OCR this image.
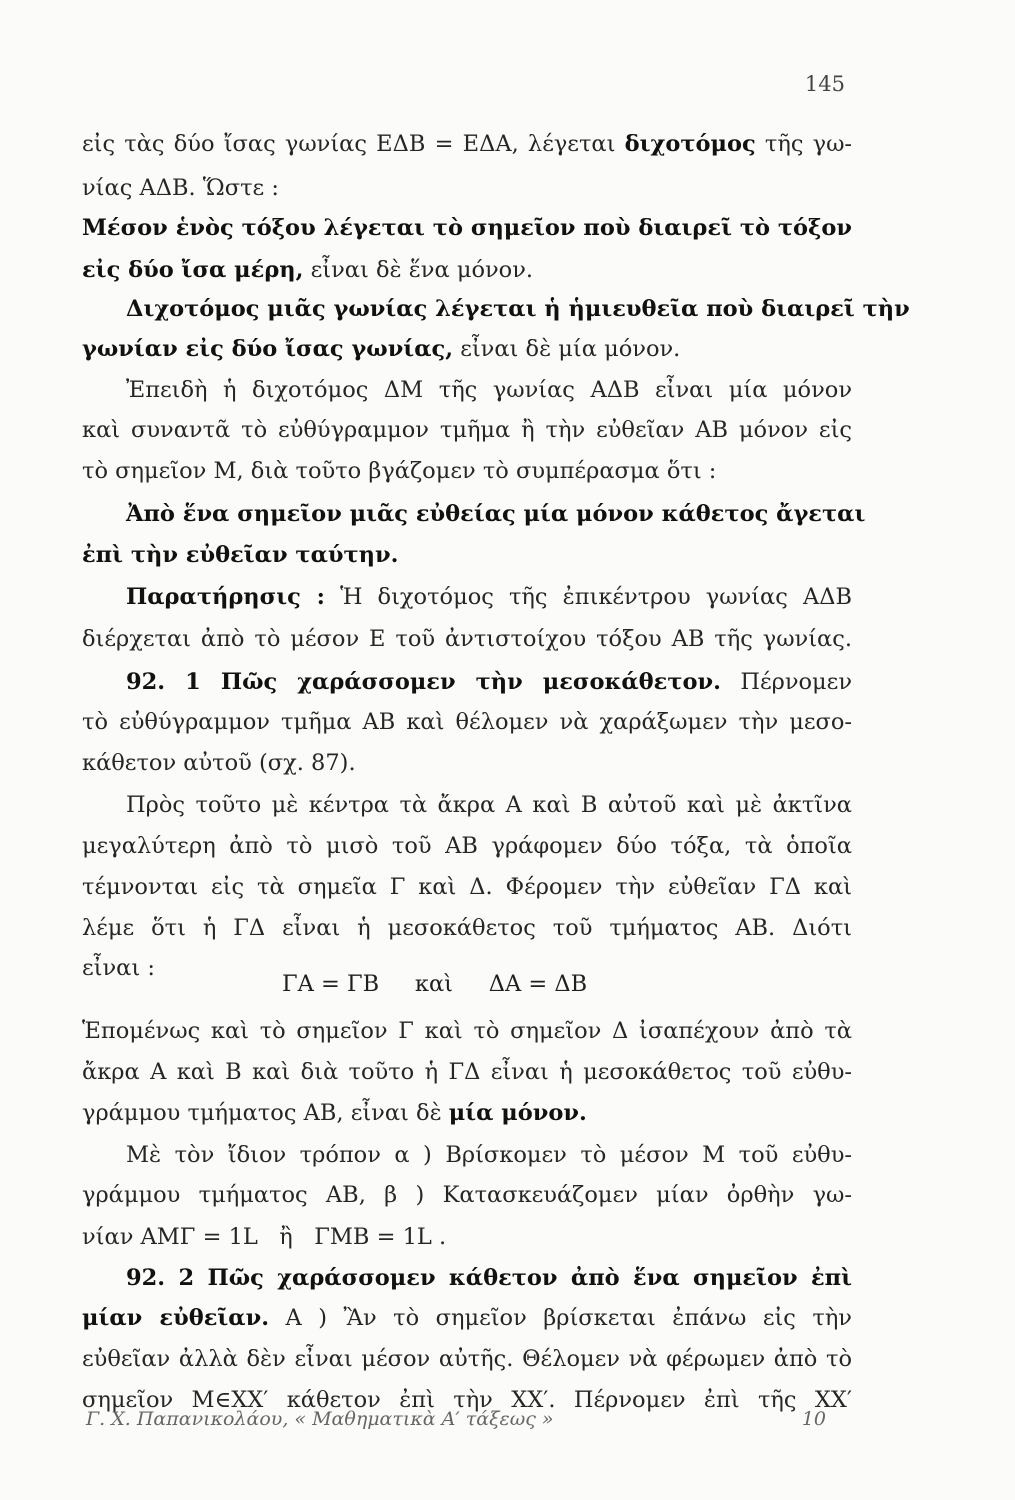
145
εἰς τὰς δύο ἴσας γωνίας ΕΔΒ = ΕΔΑ, λέγεται διχοτόμος τῆς γω-
νίας ΑΔΒ. Ὥστε :
Μέσον ἑνὸς τόξου λέγεται τὸ σημεῖον ποὺ διαιρεῖ τὸ τόξον
εἰς δύο ἴσα μέρη, εἶναι δὲ ἕνα μόνον.
Διχοτόμος μιᾶς γωνίας λέγεται ἡ ἡμιευθεῖα ποὺ διαιρεῖ τὴν
γωνίαν εἰς δύο ἴσας γωνίας, εἶναι δὲ μία μόνον.
Ἐπειδὴ ἡ διχοτόμος ΔΜ τῆς γωνίας ΑΔΒ εἶναι μία μόνον
καὶ συναντᾶ τὸ εὐθύγραμμον τμῆμα ἢ τὴν εὐθεῖαν ΑΒ μόνον εἰς
τὸ σημεῖον Μ, διὰ τοῦτο βγάζομεν τὸ συμπέρασμα ὅτι :
Ἀπὸ ἕνα σημεῖον μιᾶς εὐθείας μία μόνον κάθετος ἄγεται
ἐπὶ τὴν εὐθεῖαν ταύτην.
Παρατήρησις : Ἡ διχοτόμος τῆς ἐπικέντρου γωνίας ΑΔΒ
διέρχεται ἀπὸ τὸ μέσον Ε τοῦ ἀντιστοίχου τόξου ΑΒ τῆς γωνίας.
92. 1 Πῶς χαράσσομεν τὴν μεσοκάθετον. Πέρνομεν
τὸ εὐθύγραμμον τμῆμα ΑΒ καὶ θέλομεν νὰ χαράξωμεν τὴν μεσο-
κάθετον αὐτοῦ (σχ. 87).
Πρὸς τοῦτο μὲ κέντρα τὰ ἄκρα Α καὶ Β αὐτοῦ καὶ μὲ ἀκτῖνα
μεγαλύτερη ἀπὸ τὸ μισὸ τοῦ ΑΒ γράφομεν δύο τόξα, τὰ ὁποῖα
τέμνονται εἰς τὰ σημεῖα Γ καὶ Δ. Φέρομεν τὴν εὐθεῖαν ΓΔ καὶ
λέμε ὅτι ἡ ΓΔ εἶναι ἡ μεσοκάθετος τοῦ τμήματος ΑΒ. Διότι
εἶναι :
ΓΑ = ΓΒ     καὶ     ΔΑ = ΔΒ
Ἑπομένως καὶ τὸ σημεῖον Γ καὶ τὸ σημεῖον Δ ἰσαπέχουν ἀπὸ τὰ
ἄκρα Α καὶ Β καὶ διὰ τοῦτο ἡ ΓΔ εἶναι ἡ μεσοκάθετος τοῦ εὐθυ-
γράμμου τμήματος ΑΒ, εἶναι δὲ μία μόνον.
Μὲ τὸν ἴδιον τρόπον α ) Βρίσκομεν τὸ μέσον Μ τοῦ εὐθυ-
γράμμου τμήματος ΑΒ, β ) Κατασκευάζομεν μίαν ὀρθὴν γω-
νίαν ΑΜΓ = 1L   ἢ   ΓΜΒ = 1L .
92. 2 Πῶς χαράσσομεν κάθετον ἀπὸ ἕνα σημεῖον ἐπὶ
μίαν εὐθεῖαν. Α ) Ἂν τὸ σημεῖον βρίσκεται ἐπάνω εἰς τὴν
εὐθεῖαν ἀλλὰ δὲν εἶναι μέσον αὐτῆς. Θέλομεν νὰ φέρωμεν ἀπὸ τὸ
σημεῖον Μ∈ΧΧ′ κάθετον ἐπὶ τὴν ΧΧ′. Πέρνομεν ἐπὶ τῆς ΧΧ′
Γ. Χ. Παπανικολάου, « Μαθηματικὰ Α′ τάξεως »	10
